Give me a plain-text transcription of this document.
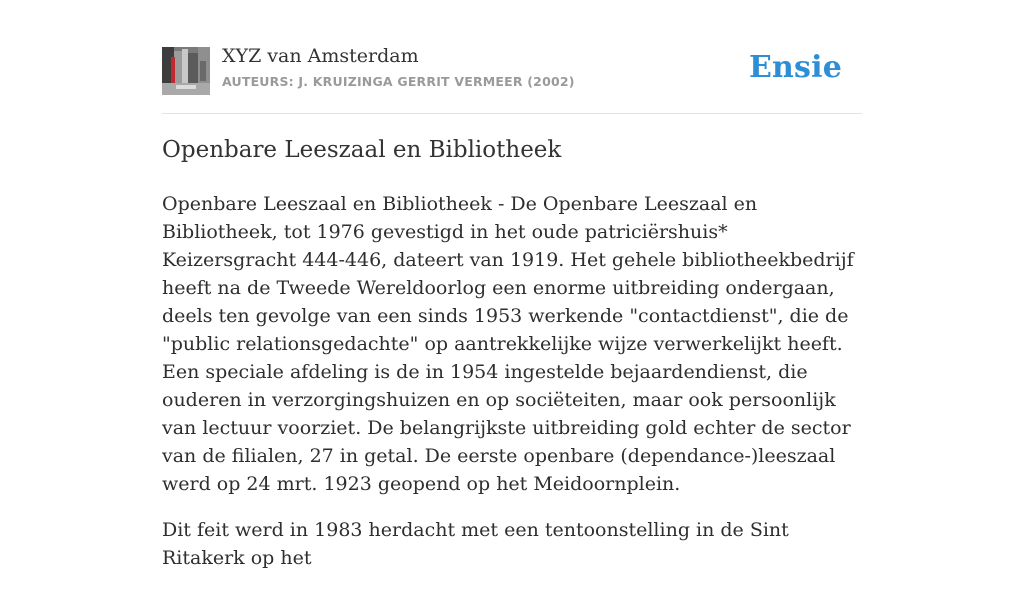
XYZ van Amsterdam
AUTEURS: J. KRUIZINGA GERRIT VERMEER (2002)	Ensie
Openbare Leeszaal en Bibliotheek

Openbare Leeszaal en Bibliotheek - De Openbare Leeszaal en Bibliotheek, tot 1976 gevestigd in het oude patriciërshuis* Keizersgracht 444-446, dateert van 1919. Het gehele bibliotheekbedrijf heeft na de Tweede Wereldoorlog een enorme uitbreiding ondergaan, deels ten gevolge van een sinds 1953 werkende "contactdienst", die de "public relationsgedachte" op aantrekkelijke wijze verwerkelijkt heeft. Een speciale afdeling is de in 1954 ingestelde bejaardendienst, die ouderen in verzorgingshuizen en op sociëteiten, maar ook persoonlijk van lectuur voorziet. De belangrijkste uitbreiding gold echter de sector van de filialen, 27 in getal. De eerste openbare (dependance-)leeszaal werd op 24 mrt. 1923 geopend op het Meidoornplein.

Dit feit werd in 1983 herdacht met een tentoonstelling in de Sint Ritakerk op het
